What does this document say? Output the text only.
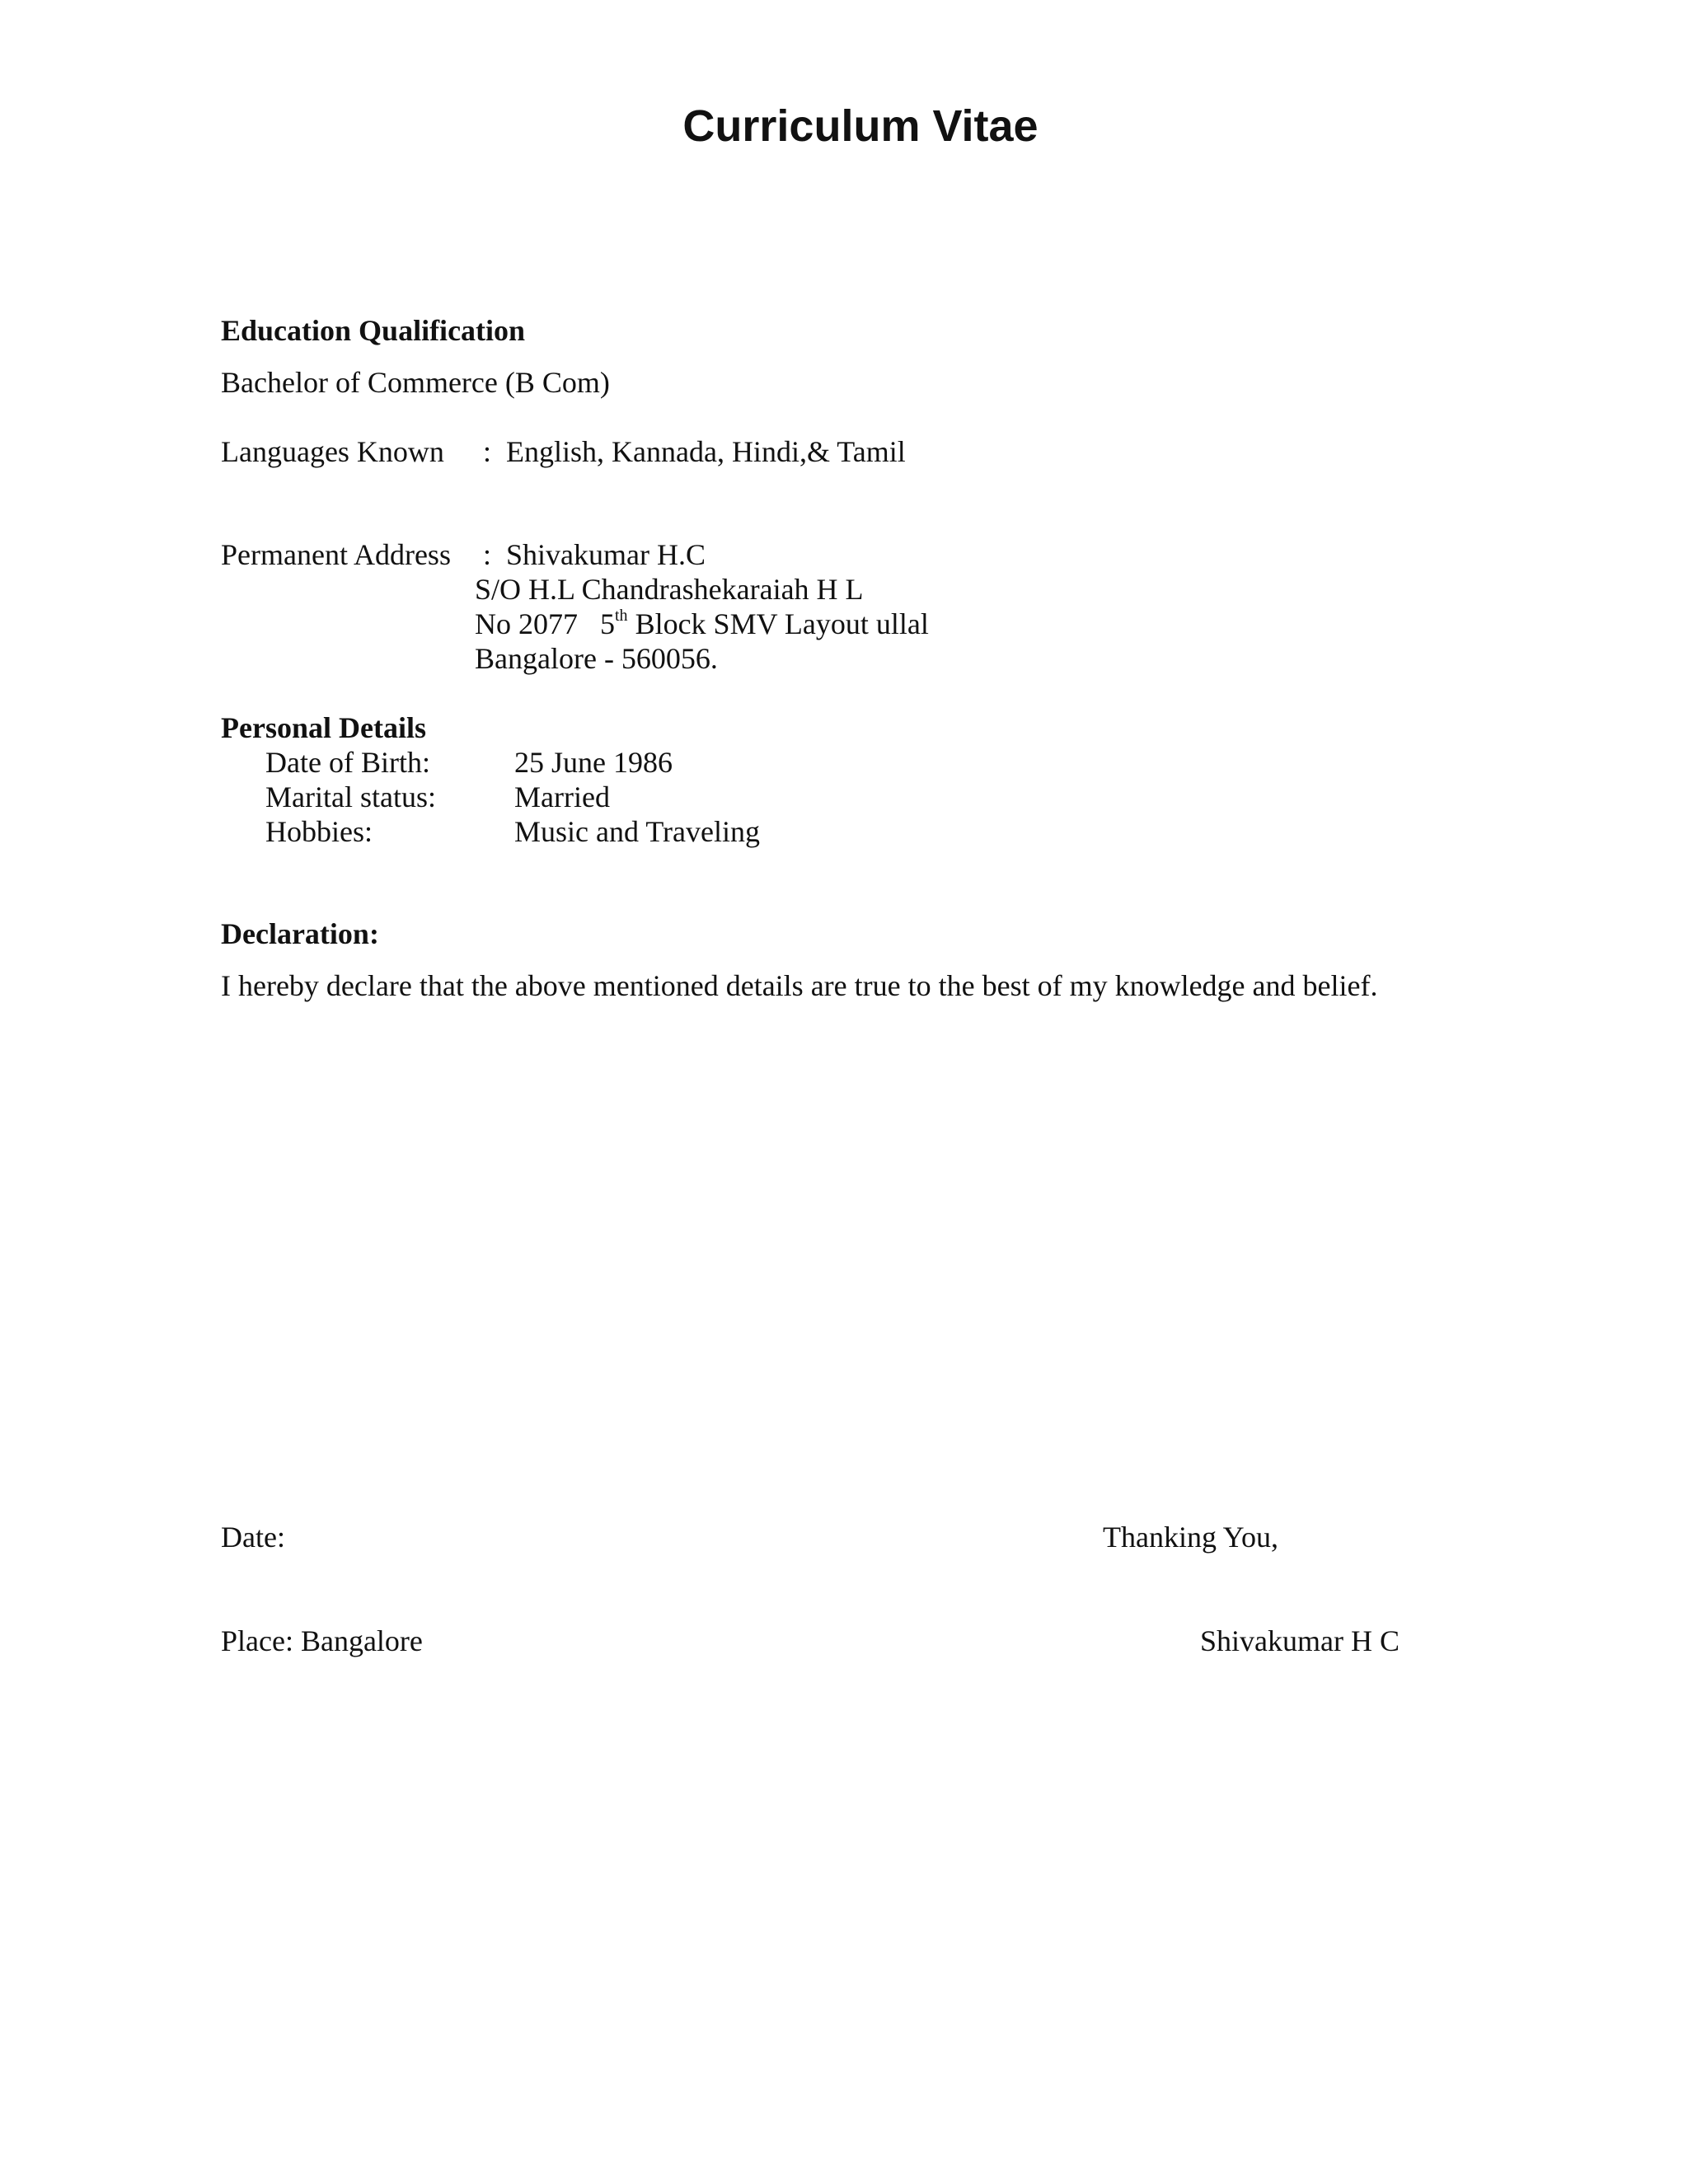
Curriculum Vitae
Education Qualification
Bachelor of Commerce (B Com)
Languages Known : English, Kannada, Hindi,& Tamil
Permanent Address : Shivakumar H.C
S/O H.L Chandrashekaraiah H L
No 2077   5th Block SMV Layout ullal
Bangalore - 560056.
Personal Details
Date of Birth:	25 June 1986
Marital status:	Married
Hobbies:	Music and Traveling
Declaration:
I hereby declare that the above mentioned details are true to the best of my knowledge and belief.
Date:	Thanking You,
Place: Bangalore	Shivakumar H C
